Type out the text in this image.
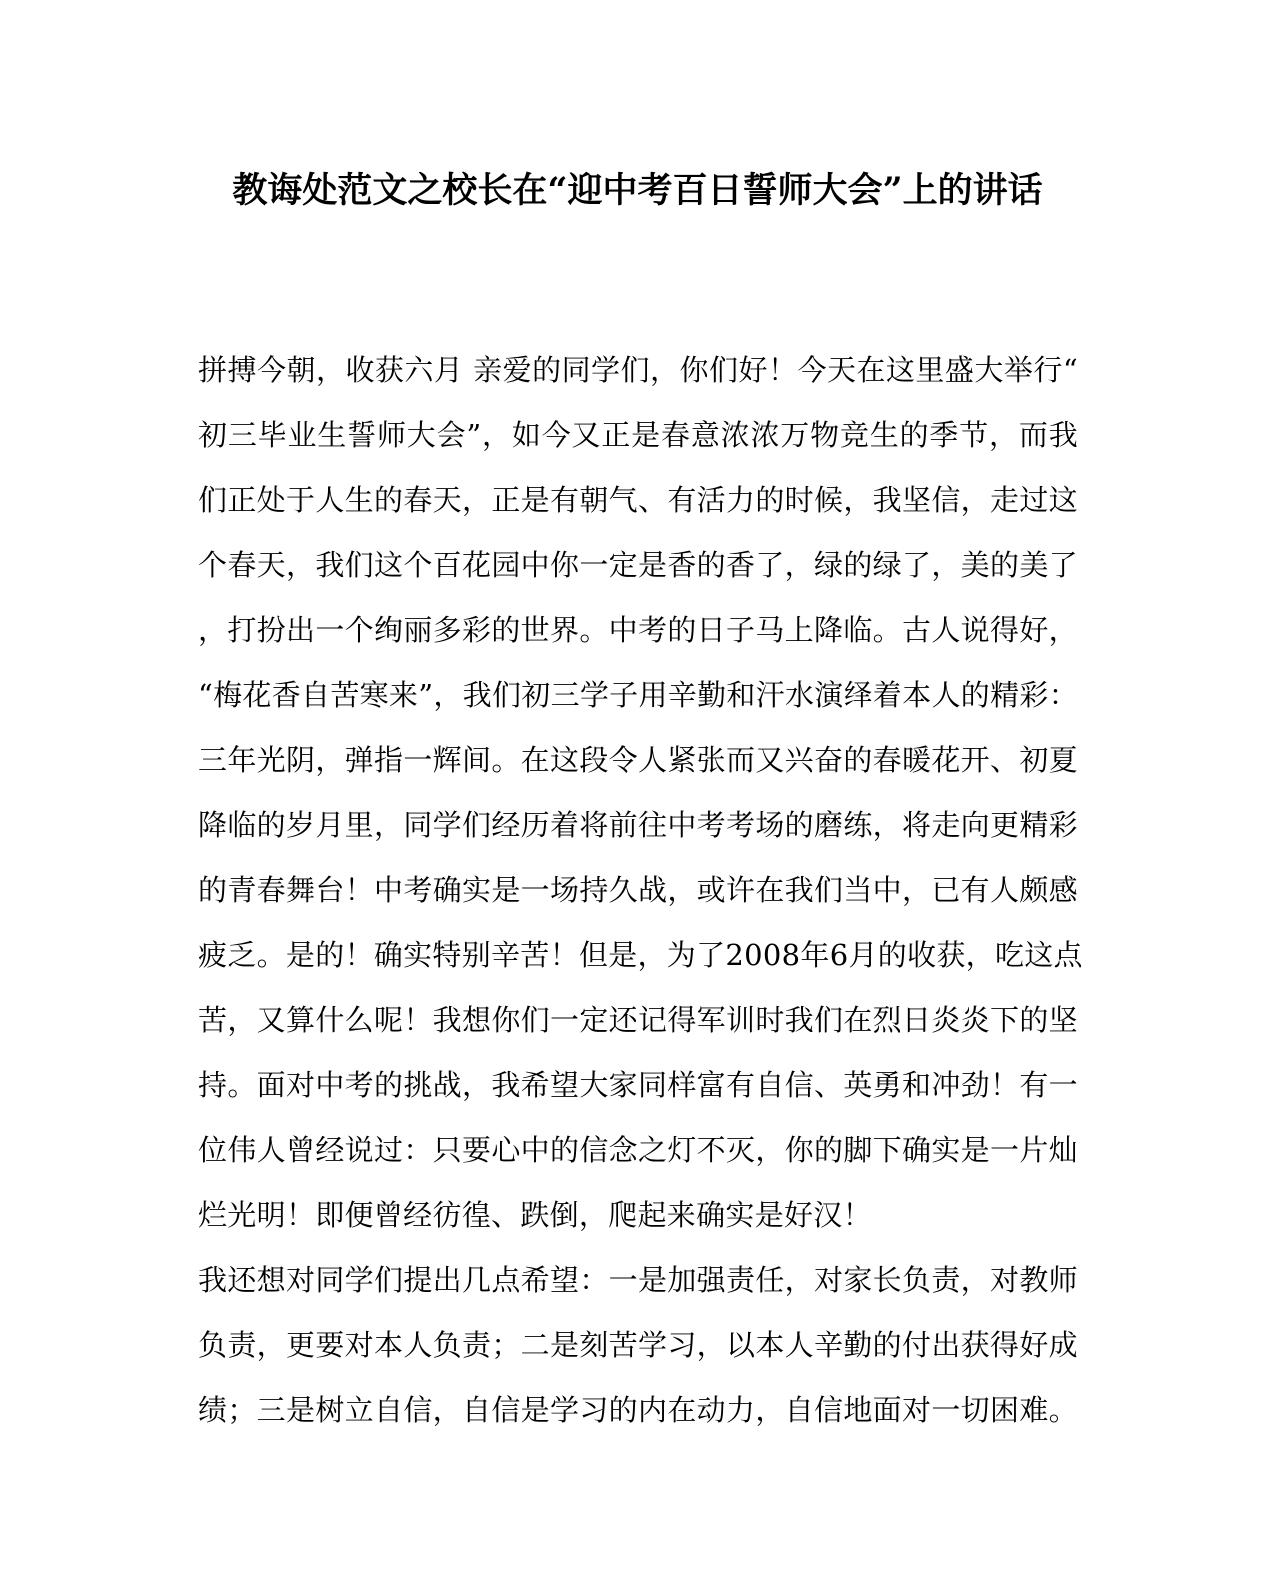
教诲处范文之校长在“迎中考百日誓师大会”上的讲话
拼搏今朝，收获六月 亲爱的同学们，你们好！今天在这里盛大举行“
初三毕业生誓师大会”，如今又正是春意浓浓万物竞生的季节，而我
们正处于人生的春天，正是有朝气、有活力的时候，我坚信，走过这
个春天，我们这个百花园中你一定是香的香了，绿的绿了，美的美了
，打扮出一个绚丽多彩的世界。中考的日子马上降临。古人说得好，
“梅花香自苦寒来”，我们初三学子用辛勤和汗水演绎着本人的精彩：
三年光阴，弹指一辉间。在这段令人紧张而又兴奋的春暖花开、初夏
降临的岁月里，同学们经历着将前往中考考场的磨练，将走向更精彩
的青春舞台！中考确实是一场持久战，或许在我们当中，已有人颇感
疲乏。是的！确实特别辛苦！但是，为了2008年6月的收获，吃这点
苦，又算什么呢！我想你们一定还记得军训时我们在烈日炎炎下的坚
持。面对中考的挑战，我希望大家同样富有自信、英勇和冲劲！有一
位伟人曾经说过：只要心中的信念之灯不灭，你的脚下确实是一片灿
烂光明！即便曾经彷徨、跌倒，爬起来确实是好汉！
我还想对同学们提出几点希望：一是加强责任，对家长负责，对教师
负责，更要对本人负责；二是刻苦学习，以本人辛勤的付出获得好成
绩；三是树立自信，自信是学习的内在动力，自信地面对一切困难。
